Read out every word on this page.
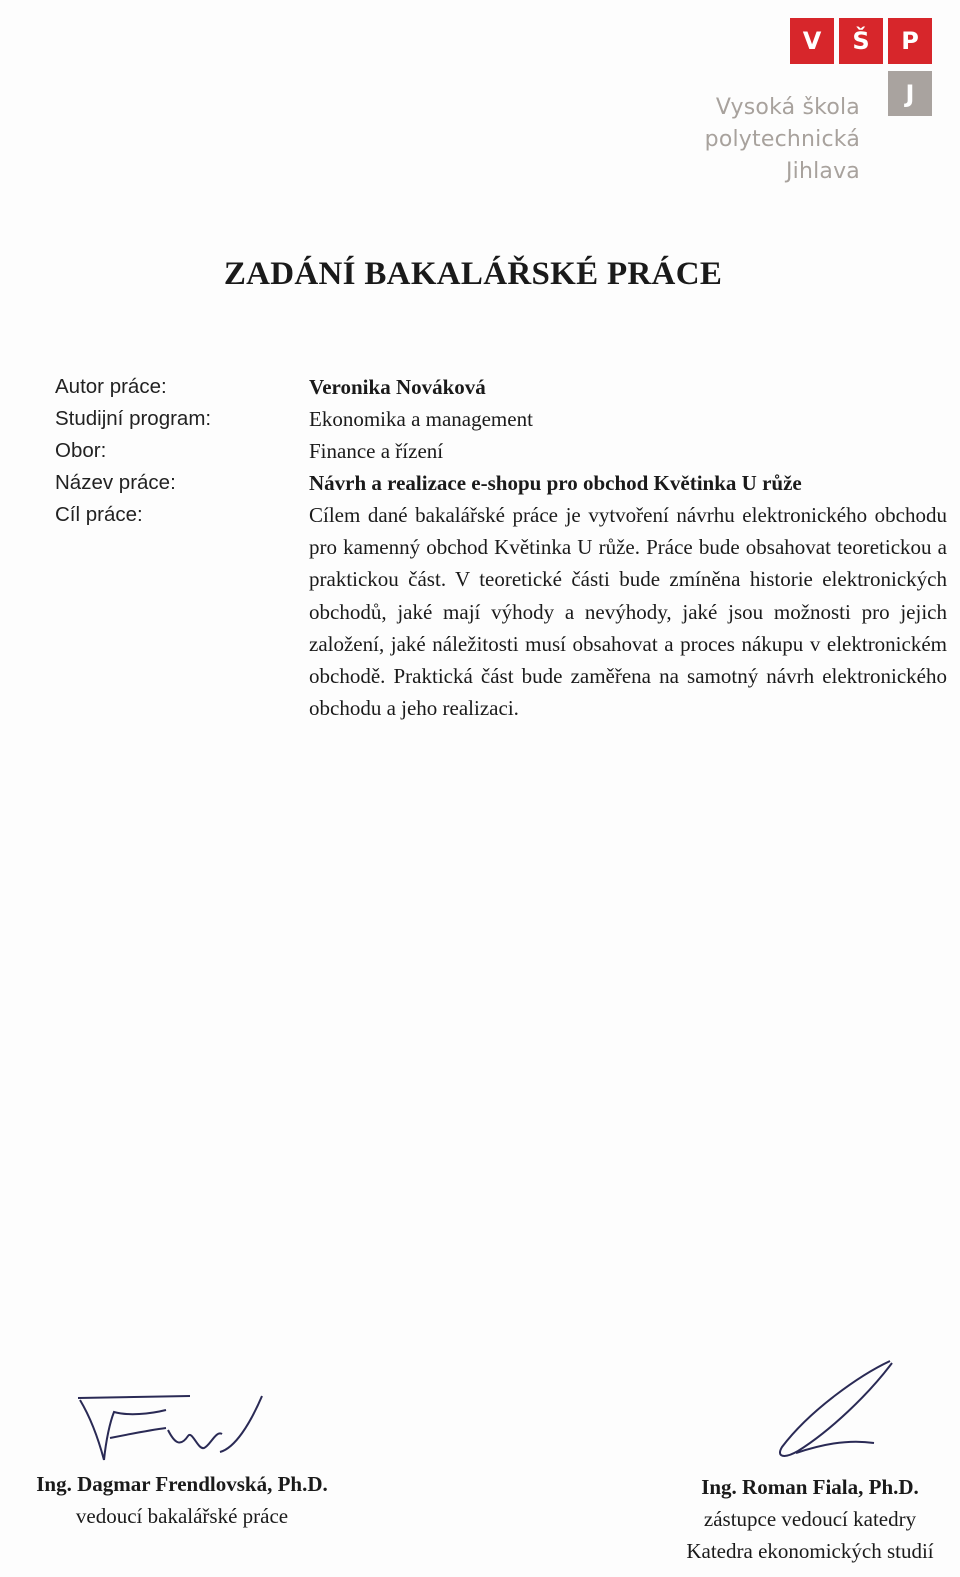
V	Š	P
J
Vysoká škola
polytechnická
Jihlava
ZADÁNÍ BAKALÁŘSKÉ PRÁCE
Autor práce:	Veronika Nováková
Studijní program:	Ekonomika a management
Obor:	Finance a řízení
Název práce:	Návrh a realizace e-shopu pro obchod Květinka U růže
Cíl práce:	Cílem dané bakalářské práce je vytvoření návrhu elektronického obchodu pro kamenný obchod Květinka U růže. Práce bude obsahovat teoretickou a praktickou část. V teoretické části bude zmíněna historie elektronických obchodů, jaké mají výhody a nevýhody, jaké jsou možnosti pro jejich založení, jaké náležitosti musí obsahovat a proces nákupu v elektronickém obchodě. Praktická část bude zaměřena na samotný návrh elektronického obchodu a jeho realizaci.
Ing. Dagmar Frendlovská, Ph.D.
vedoucí bakalářské práce
Ing. Roman Fiala, Ph.D.
zástupce vedoucí katedry
Katedra ekonomických studií
